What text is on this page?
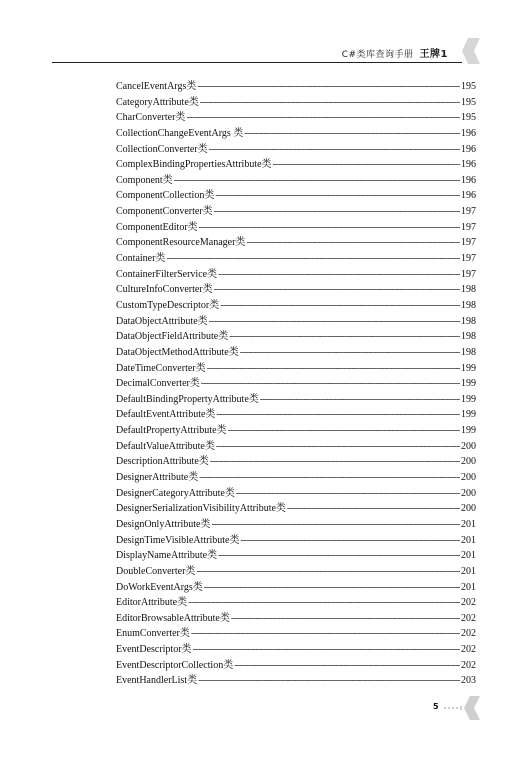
C#类库查询手册 王牌1
CancelEventArgs类 -----	195
CategoryAttribute类 -----	195
CharConverter类 -----	195
CollectionChangeEventArgs 类 -----	196
CollectionConverter类 -----	196
ComplexBindingPropertiesAttribute类 -----	196
Component类 -----	196
ComponentCollection类 -----	196
ComponentConverter类 -----	197
ComponentEditor类 -----	197
ComponentResourceManager类 -----	197
Container类 -----	197
ContainerFilterService类 -----	197
CultureInfoConverter类 -----	198
CustomTypeDescriptor类 -----	198
DataObjectAttribute类 -----	198
DataObjectFieldAttribute类 -----	198
DataObjectMethodAttribute类 -----	198
DateTimeConverter类 -----	199
DecimalConverter类 -----	199
DefaultBindingPropertyAttribute类 -----	199
DefaultEventAttribute类 -----	199
DefaultPropertyAttribute类 -----	199
DefaultValueAttribute类 -----	200
DescriptionAttribute类 -----	200
DesignerAttribute类 -----	200
DesignerCategoryAttribute类 -----	200
DesignerSerializationVisibilityAttribute类 -----	200
DesignOnlyAttribute类 -----	201
DesignTimeVisibleAttribute类 -----	201
DisplayNameAttribute类 -----	201
DoubleConverter类 -----	201
DoWorkEventArgs类 -----	201
EditorAttribute类 -----	202
EditorBrowsableAttribute类 -----	202
EnumConverter类 -----	202
EventDescriptor类 -----	202
EventDescriptorCollection类 -----	202
EventHandlerList类 -----	203
5
